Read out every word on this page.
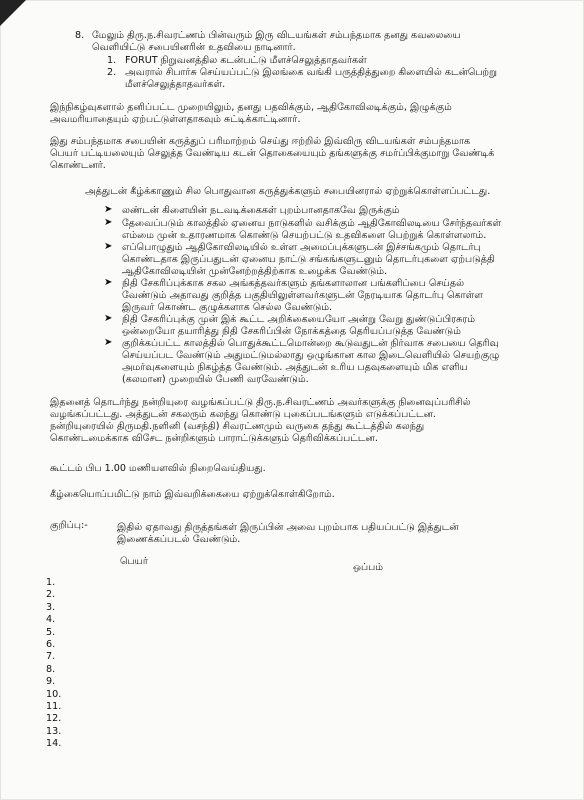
8. மேலும் திரு.ந.சிவரட்ணம் பின்வரும் இரு விடயங்கள் சம்பந்தமாக தனது கவலையை
வெளியிட்டு சபையினரின் உதவியை நாடினார்.
1. FORUT நிறுவனத்தில கடன்பட்டு மீளச்செலுத்தாதவர்கள்
2. அவரால் சிபார்சு செய்யப்பட்டு இலங்கை வங்கி பருத்தித்துறை கிளையில் கடன்பெற்று
மீளச்செலுத்தாதவர்கள்.
இந்நிகழ்வுகளால் தனிப்பட்ட முறையிலும், தனது பதவிக்கும், ஆதிகோவிலடிக்கும், இழுக்கும்
அவமரியாதையும் ஏற்பட்டுள்ளதாகவும் சுட்டிக்காட்டினார்.
இது சம்பந்தமாக சபையின் கருத்துப் பரிமாற்றம் செய்து ஈற்றில் இவ்விரு விடயங்கள் சம்பந்தமாக
பெயர் பட்டியலையும் செலுத்த வேண்டிய கடன் தொகையையும் தங்களுக்கு சமர்ப்பிக்குமாறு வேண்டிக்
கொண்டனர்.
அத்துடன் கீழ்க்காணும் சில பொதுவான கருத்துக்களும் சபையினரால் ஏற்றுக்கொள்ளப்பட்டது.
➤ லண்டன் கிளையின் நடவடிக்கைகள் புறம்பானதாகவே இருக்கும்
➤ தேவைப்படும் காலத்தில் ஏனைய நாடுகளில் வசிக்கும் ஆதிகோவிலடியை சேர்ந்தவர்கள்
எம்மை முன் உதாரணமாக கொண்டு செயற்பட்டு உதவிகளை பெற்றுக் கொள்ளலாம்.
➤ எப்பொழுதும் ஆதிகோவிலடியில் உள்ள அமைப்புக்களுடன் இச்சங்கமும் தொடர்பு
கொண்டதாக இருப்பதுடன் ஏனைய நாட்டு சங்கங்களுடனும் தொடர்புகளை ஏற்படுத்தி
ஆதிகோவிலடியின் முன்னேற்றத்திற்காக உழைக்க வேண்டும்.
➤ நிதி சேகரிப்புக்காக சகல அங்கத்தவர்களும் தங்களாலான பங்களிப்பை செய்தல்
வேண்டும் அதாவது குறித்த பகுதியிலுள்ளவர்களுடன் நேரடியாக தொடர்பு கொள்ள
இருவர் கொண்ட குழுக்களாக செல்ல வேண்டும்.
➤ நிதி சேகரிப்புக்கு முன் இக் கூட்ட அறிக்கையையோ அன்று வேறு துண்டுப்பிரசுரம்
ஒன்றையோ தயாரித்து நிதி சேகரிப்பின் நோக்கத்தை தெரியப்படுத்த வேண்டும்
➤ குறிக்கப்பட்ட காலத்தில் பொதுக்கூட்டமொன்றை கூடுவதுடன் நிர்வாக சபையை தெரிவு
செய்யப்பட வேண்டும் அதுமட்டுமல்லாது ஒழுங்கான கால இடைவெளியில் செயற்குழு
அமர்வுகளையும் நிகழ்த்த வேண்டும். அத்துடன் உரிய பதவுகளையும் மிக எளிய
(கலமான) முறையில் பேணி வரவேண்டும்.
இதனைத் தொடர்ந்து நன்றியுரை வழங்கப்பட்டு திரு.ந.சிவரட்ணம் அவர்களுக்கு நினைவுப்பரிசில்
வழங்கப்பட்டது. அத்துடன் சகலரும் கலந்து கொண்டு புகைப்படங்களும் எடுக்கப்பட்டன.
நன்றியுரையில் திருமதி.நளினி (வசந்தி) சிவரட்ணமும் வருகை தந்து கூட்டத்தில் கலந்து
கொண்டமைக்காக விசேட நன்றிகளும் பாராட்டுக்களும் தெரிவிக்கப்பட்டன.
கூட்டம் பிப 1.00 மணியளவில் நிறைவெய்தியது.
கீழ்கையொப்பமிட்டு நாம் இவ்வறிக்கையை ஏற்றுக்கொள்கிறோம்.
குறிப்பு:-	இதில் ஏதாவது திருத்தங்கள் இருப்பின் அவை புறம்பாக பதியப்பட்டு இத்துடன்
இணைக்கப்படல் வேண்டும்.
பெயர்
ஒப்பம்
1.
2.
3.
4.
5.
6.
7.
8.
9.
10.
11.
12.
13.
14.
